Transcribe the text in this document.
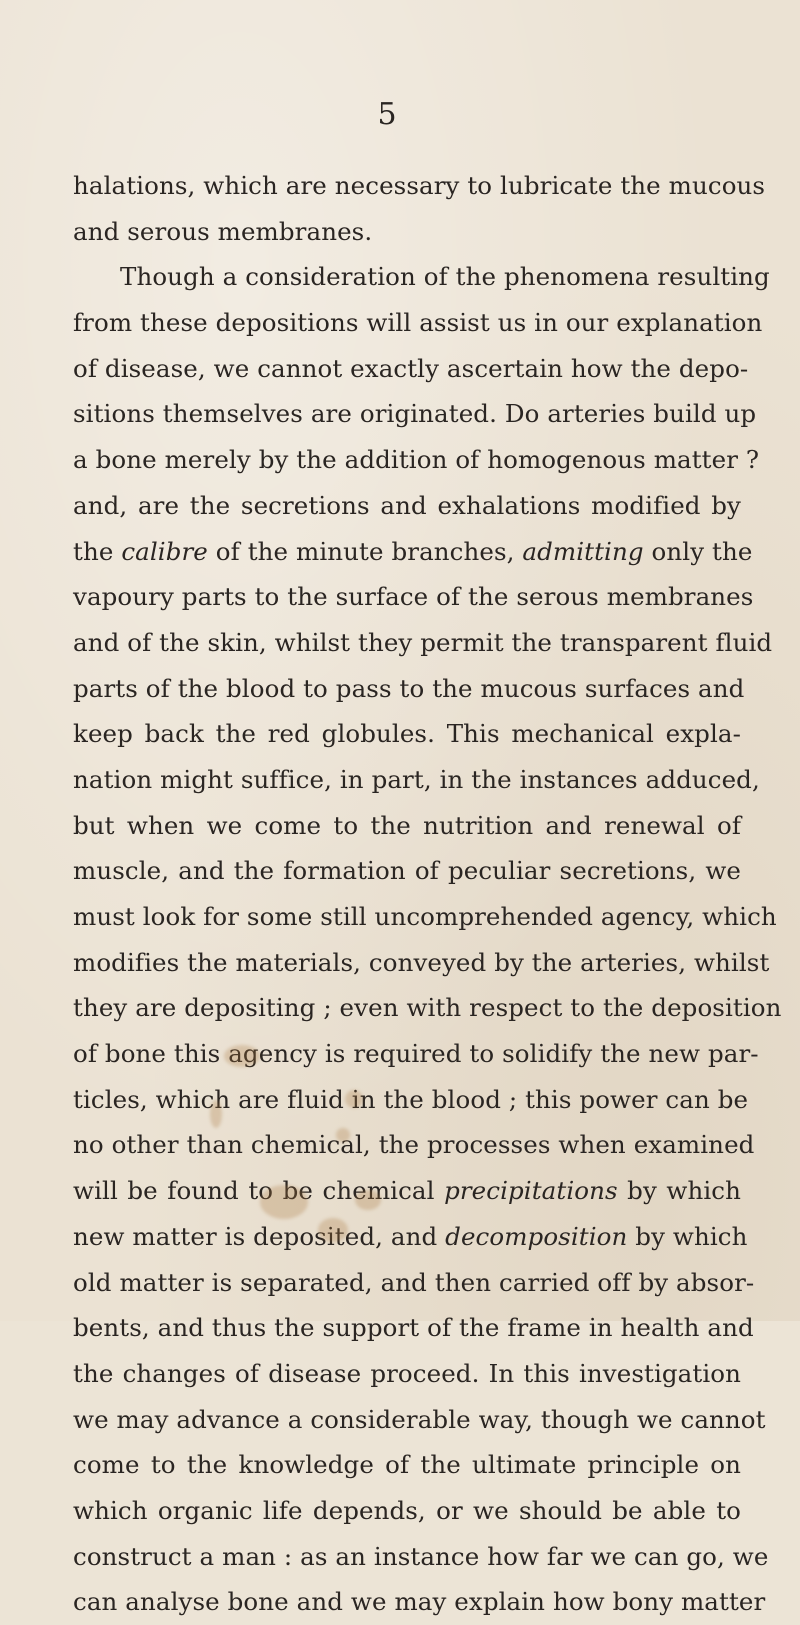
5
halations, which are necessary to lubricate the mucous
and serous membranes.
Though a consideration of the phenomena resulting
from these depositions will assist us in our explanation
of disease, we cannot exactly ascertain how the depo-
sitions themselves are originated. Do arteries build up
a bone merely by the addition of homogenous matter ?
and, are the secretions and exhalations modified by
the calibre of the minute branches, admitting only the
vapoury parts to the surface of the serous membranes
and of the skin, whilst they permit the transparent fluid
parts of the blood to pass to the mucous surfaces and
keep back the red globules. This mechanical expla-
nation might suffice, in part, in the instances adduced,
but when we come to the nutrition and renewal of
muscle, and the formation of peculiar secretions, we
must look for some still uncomprehended agency, which
modifies the materials, conveyed by the arteries, whilst
they are depositing ; even with respect to the deposition
of bone this agency is required to solidify the new par-
ticles, which are fluid in the blood ; this power can be
no other than chemical, the processes when examined
will be found to be chemical precipitations by which
new matter is deposited, and decomposition by which
old matter is separated, and then carried off by absor-
bents, and thus the support of the frame in health and
the changes of disease proceed. In this investigation
we may advance a considerable way, though we cannot
come to the knowledge of the ultimate principle on
which organic life depends, or we should be able to
construct a man : as an instance how far we can go, we
can analyse bone and we may explain how bony matter
